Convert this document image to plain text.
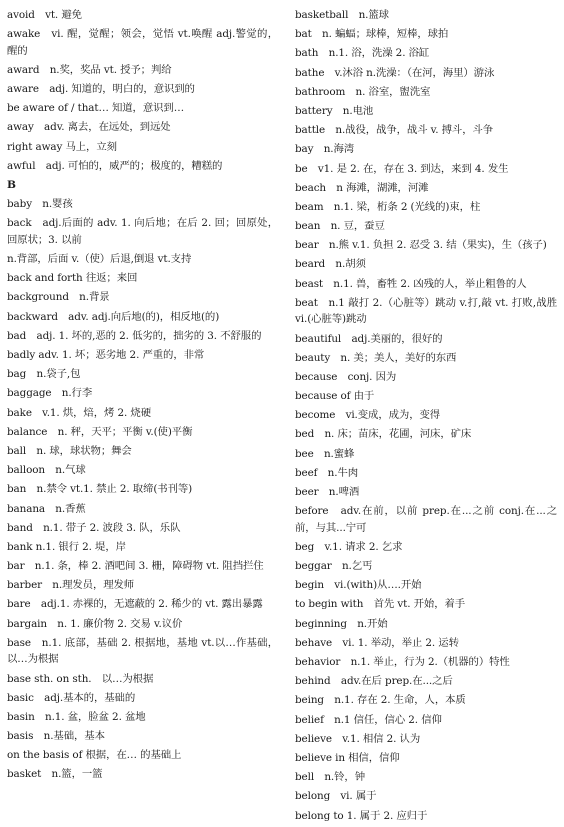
avoid　vt. 避免
awake　vi. 醒，觉醒；领会，觉悟 vt.唤醒 adj.警觉的，醒的
award　n.奖，奖品 vt. 授予；判给
aware　adj. 知道的，明白的，意识到的
be aware of / that… 知道，意识到…
away　adv. 离去，在远处，到远处
right away 马上，立刻
awful　adj. 可怕的，威严的；极度的，糟糕的
B
baby　n.婴孩
back　adj.后面的 adv. 1. 向后地；在后 2. 回；回原处，回原状；3. 以前
n.背部，后面 v.（使）后退,倒退 vt.支持
back and forth 往返；来回
background　n.背景
backward　adv. adj.向后地(的)，相反地(的)
bad　adj. 1. 坏的,恶的 2. 低劣的，拙劣的 3. 不舒服的
badly adv. 1. 坏；恶劣地 2. 严重的，非常
bag　n.袋子,包
baggage　n.行李
bake　v.1. 烘，焙，烤 2. 烧硬
balance　n. 秤，天平；平衡 v.(使)平衡
ball　n. 球，球状物；舞会
balloon　n.气球
ban　n.禁令 vt.1. 禁止 2. 取缔(书刊等)
banana　n.香蕉
band　n.1. 带子 2. 波段 3. 队，乐队
bank n.1. 银行 2. 堤，岸
bar　n.1. 条，棒 2. 酒吧间 3. 栅，障碍物 vt. 阻挡拦住
barber　n.理发员，理发师
bare　adj.1. 赤裸的，无遮蔽的 2. 稀少的 vt. 露出暴露
bargain　n. 1. 廉价物 2. 交易 v.议价
base　n.1. 底部，基础 2. 根据地，基地 vt.以…作基础，以…为根据
base sth. on sth.　以…为根据
basic　adj.基本的，基础的
basin　n.1. 盆，脸盆 2. 盆地
basis　n.基础，基本
on the basis of 根据，在… 的基础上
basket　n.篮，一篮
basketball　n.篮球
bat　n. 蝙蝠；球棒，短棒，球拍
bath　n.1. 浴，洗澡 2. 浴缸
bathe　v.沐浴 n.洗澡：（在河，海里）游泳
bathroom　n. 浴室，盥洗室
battery　n.电池
battle　n.战役，战争，战斗 v. 搏斗，斗争
bay　n.海湾
be　v1. 是 2. 在，存在 3. 到达，来到 4. 发生
beach　n 海滩，湖滩，河滩
beam　n.1. 梁，桁条 2 (光线的)束，柱
bean　n. 豆，蚕豆
bear　n.熊 v.1. 负担 2. 忍受 3. 结（果实)，生（孩子)
beard　n.胡须
beast　n.1. 兽，畜牲 2. 凶残的人，举止粗鲁的人
beat　n.1 敲打 2.（心脏等）跳动 v.打,敲 vt. 打败,战胜 vi.(心脏等)跳动
beautiful　adj.美丽的，很好的
beauty　n. 美；美人，美好的东西
because　conj. 因为
because of 由于
become　vi.变成，成为，变得
bed　n. 床；苗床，花圃，河床，矿床
bee　n.蜜蜂
beef　n.牛肉
beer　n.啤酒
before　adv.在前，以前 prep.在...之前 conj.在...之前，与其...宁可
beg　v.1. 请求 2. 乞求
beggar　n.乞丐
begin　vi.(with)从….开始
to begin with　首先 vt. 开始，着手
beginning　n.开始
behave　vi. 1. 举动，举止 2. 运转
behavior　n.1. 举止，行为 2.（机器的）特性
behind　adv.在后 prep.在...之后
being　n.1. 存在 2. 生命，人，本质
belief　n.1 信任，信心 2. 信仰
believe　v.1. 相信 2. 认为
believe in 相信，信仰
bell　n.铃，钟
belong　vi. 属于
belong to 1. 属于 2. 应归于
